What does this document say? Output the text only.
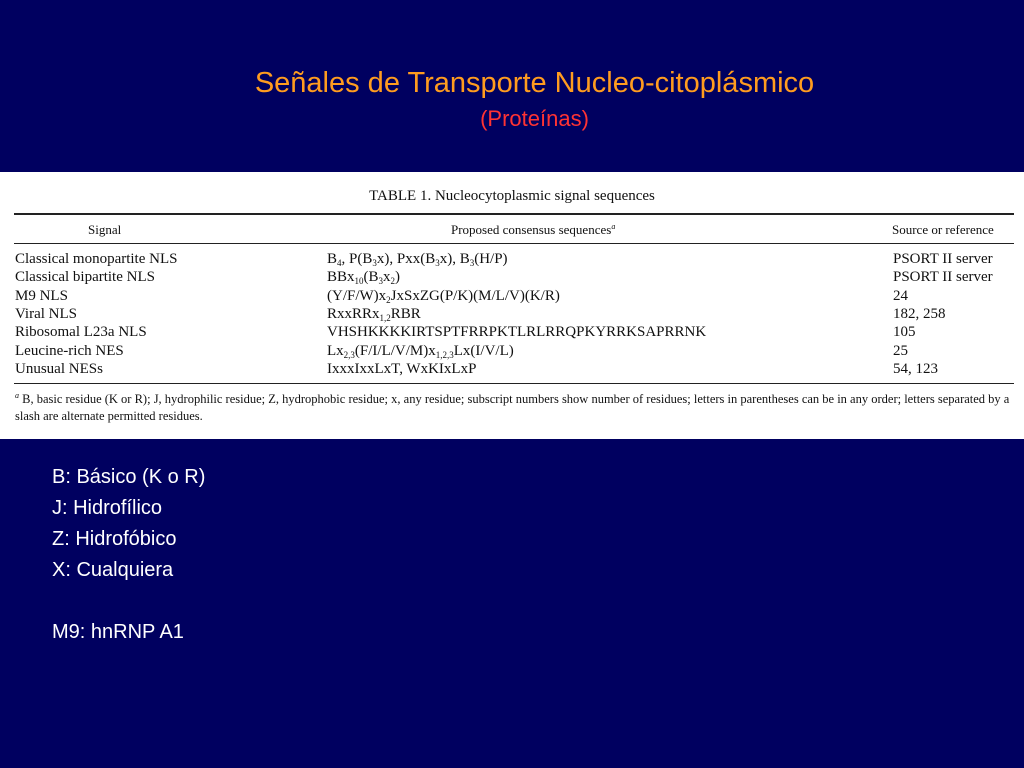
Señales de Transporte Nucleo-citoplásmico
(Proteínas)
TABLE 1. Nucleocytoplasmic signal sequences
Signal	Proposed consensus sequences$^a$	Source or reference
Classical monopartite NLS	$B_4$, $P(B_3x)$, $Pxx(B_3x)$, $B_3(H/P)$	PSORT II server
Classical bipartite NLS	$BBx_{10}(B_3x_2)$	PSORT II server
M9 NLS	$(Y/F/W)x_2JxSxZG(P/K)(M/L/V)(K/R)$	24
Viral NLS	RxxRRx$_{1,2}$RBR	182, 258
Ribosomal L23a NLS	VHSHKKKKIRTSPTFRRPKTLRLRRQPKYRRKSAPRRNK	105
Leucine-rich NES	$Lx_{2,3}(F/I/L/V/M)x_{1,2,3}Lx(I/V/L)$	25
Unusual NESs	IxxxIxxLxT, WxKIxLxP	54, 123
$^a$ B, basic residue (K or R); J, hydrophilic residue; Z, hydrophobic residue; x, any residue; subscript numbers show number of residues; letters in parentheses can be in any order; letters separated by a slash are alternate permitted residues.
B: Básico (K o R)
J: Hidrofílico
Z: Hidrofóbico
X: Cualquiera
M9: hnRNP A1
